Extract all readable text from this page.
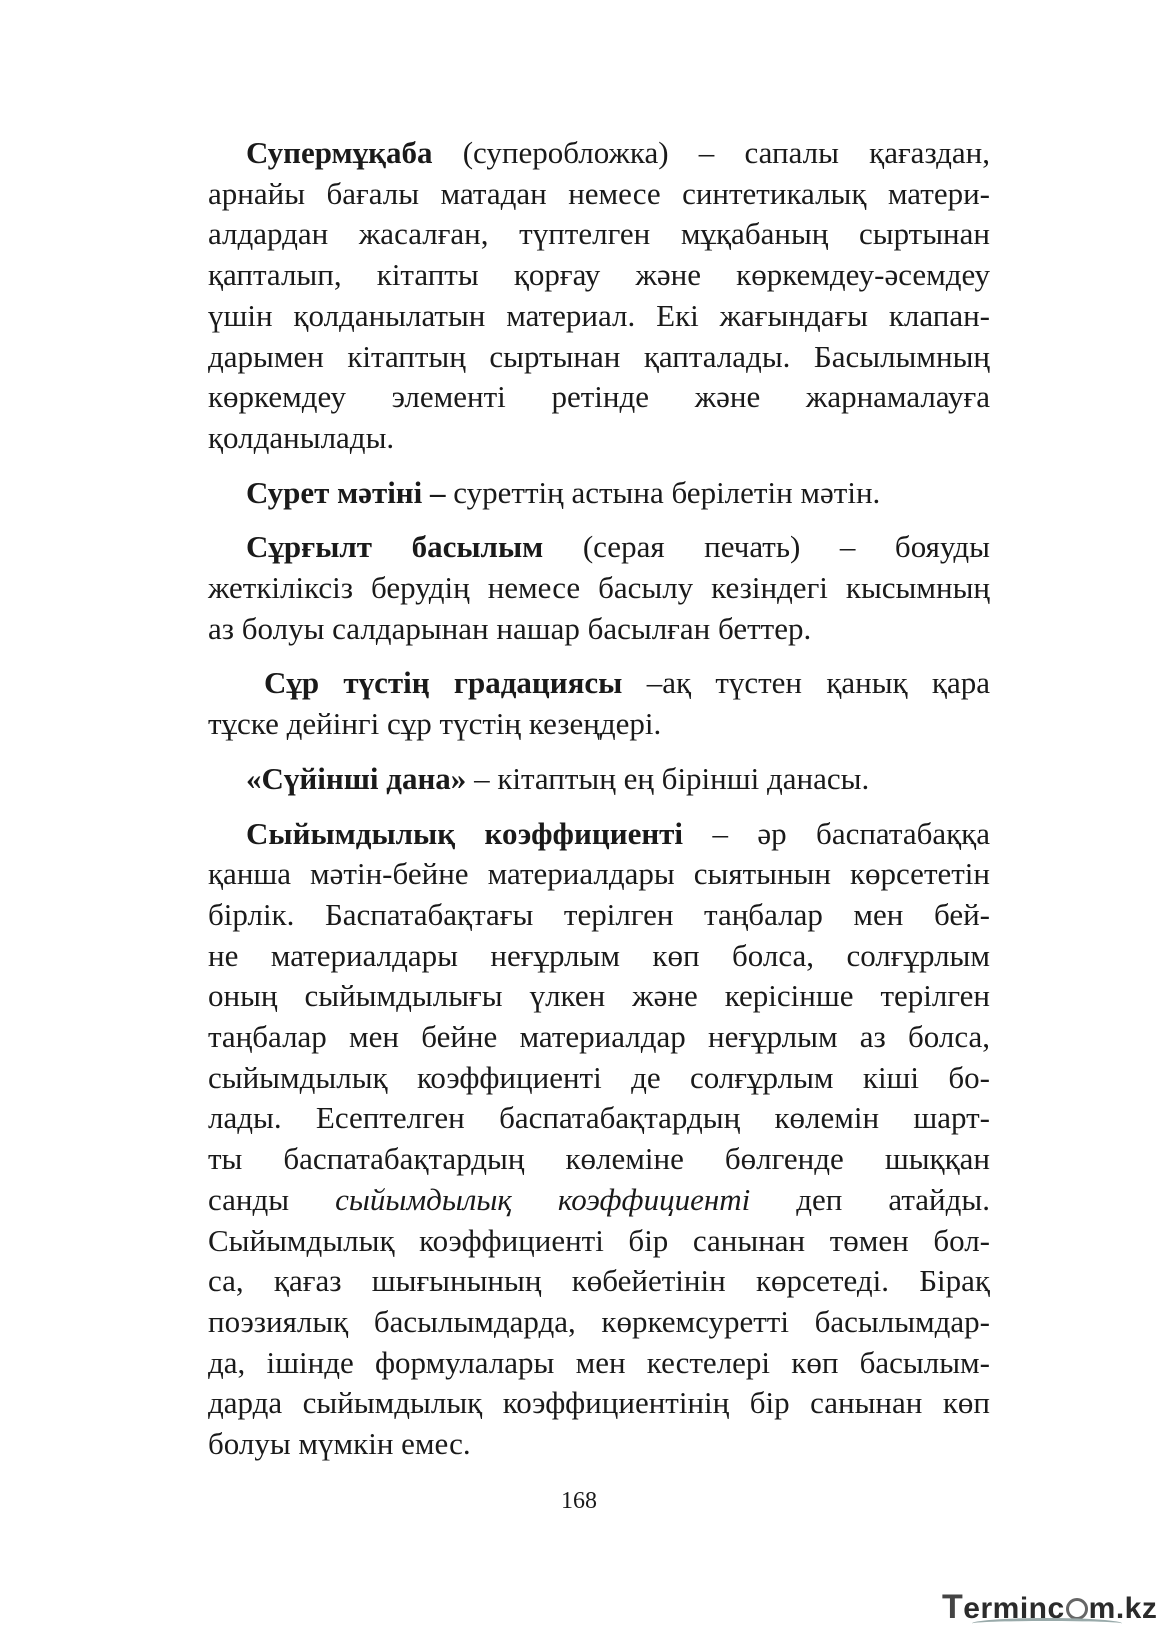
Супермұқаба (суперобложка) – сапалы қағаздан,
арнайы бағалы матадан немесе синтетикалық матери-
алдардан жасалған, түптелген мұқабаның сыртынан
қапталып, кітапты қорғау және көркемдеу-әсемдеу
үшін қолданылатын материал. Екі жағындағы клапан-
дарымен кітаптың сыртынан қапталады. Басылымның
көркемдеу элементі ретінде және жарнамалауға
қолданылады.

Сурет мәтіні – суреттің астына берілетін мәтін.

Сұрғылт басылым (серая печать) – бояуды
жеткіліксіз берудің немесе басылу кезіндегі кысымның
аз болуы салдарынан нашар басылған беттер.

Сұр түстің градациясы –ақ түстен қанық қара
тұске дейінгі сұр түстің кезеңдері.

«Сүйінші дана» – кітаптың ең бірінші данасы.

Сыйымдылық коэффициенті – әр баспатабаққа
қанша мәтін-бейне материалдары сыятынын көрсететін
бірлік. Баспатабақтағы терілген таңбалар мен бей-
не материалдары неғұрлым көп болса, солғұрлым
оның сыйымдылығы үлкен және керісінше терілген
таңбалар мен бейне материалдар неғұрлым аз болса,
сыйымдылық коэффициенті де солғұрлым кіші бо-
лады. Есептелген баспатабақтардың көлемін шарт-
ты баспатабақтардың көлеміне бөлгенде шыққан
санды сыйымдылық коэффициенті деп атайды.
Сыйымдылық коэффициенті бір санынан төмен бол-
са, қағаз шығынының көбейетінін көрсетеді. Бірақ
поэзиялық басылымдарда, көркемсуретті басылымдар-
да, ішінде формулалары мен кестелері көп басылым-
дарда сыйымдылық коэффициентінің бір санынан көп
болуы мүмкін емес.

168
Terminc m.kz
